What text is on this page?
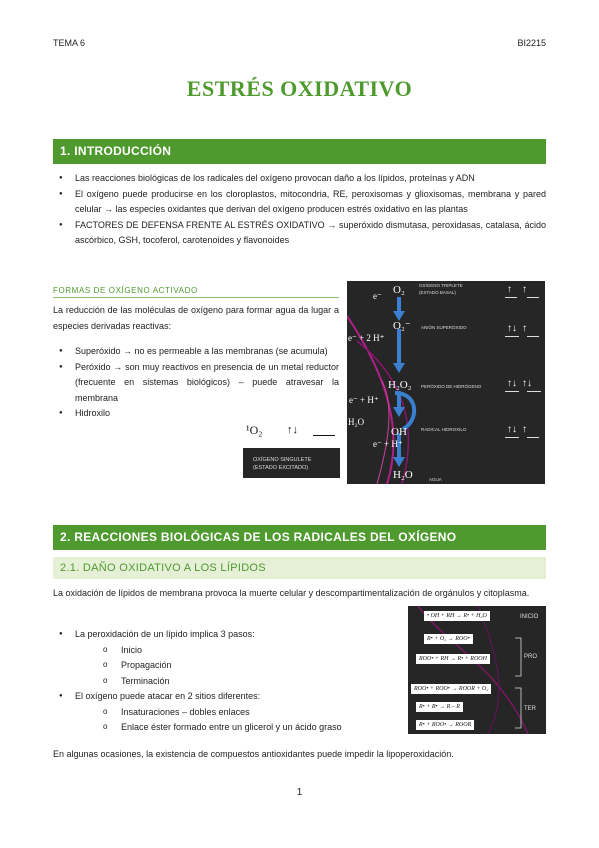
TEMA 6	BI2215
ESTRÉS OXIDATIVO
1. INTRODUCCIÓN
● Las reacciones biológicas de los radicales del oxígeno provocan daño a los lípidos, proteínas y ADN
● El oxígeno puede producirse en los cloroplastos, mitocondria, RE, peroxisomas y glioxisomas, membrana y pared celular → las especies oxidantes que derivan del oxígeno producen estrés oxidativo en las plantas
● FACTORES DE DEFENSA FRENTE AL ESTRÉS OXIDATIVO → superóxido dismutasa, peroxidasas, catalasa, ácido ascórbico, GSH, tocoferol, carotenoides y flavonoides
FORMAS DE OXÍGENO ACTIVADO
La reducción de las moléculas de oxígeno para formar agua da lugar a especies derivadas reactivas:
● Superóxido → no es permeable a las membranas (se acumula)
● Peróxido → son muy reactivos en presencia de un metal reductor (frecuente en sistemas biológicos) – puede atravesar la membrana
● Hidroxilo
¹O₂ ↑↓
OXÍGENO SINGULETE
(ESTADO EXCITADO)
O₂
O₂⁻
H₂O₂
OH
H₂O
e⁻
e⁻ + 2 H⁺
e⁻ + H⁺
H₂O
e⁻ + H⁺
OXÍGENO TRIPLETE
(ESTADO BASAL)
ANIÓN SUPERÓXIDO
PERÓXIDO DE HIDRÓGENO
RADICAL HIDROXILO
AGUA
↑    ↑
↑↓  ↑
↑↓  ↑↓
↑↓  ↑
2. REACCIONES BIOLÓGICAS DE LOS RADICALES DEL OXÍGENO
2.1. DAÑO OXIDATIVO A LOS LÍPIDOS
La oxidación de lípidos de membrana provoca la muerte celular y descompartimentalización de orgánulos y citoplasma.
● La peroxidación de un lípido implica 3 pasos:
o Inicio
o Propagación
o Terminación
● El oxígeno puede atacar en 2 sitios diferentes:
o Insaturaciones – dobles enlaces
o Enlace éster formado entre un glicerol y un ácido graso
• OH + RH → R• + H₂O
R• + O₂ → ROO•
ROO• + RH → R• + ROOH
ROO• + ROO• → ROOR + O₂
R• + R• → R – R
R• + ROO• → ROOR
INICIO
PRO
TER
En algunas ocasiones, la existencia de compuestos antioxidantes puede impedir la lipoperoxidación.
1
